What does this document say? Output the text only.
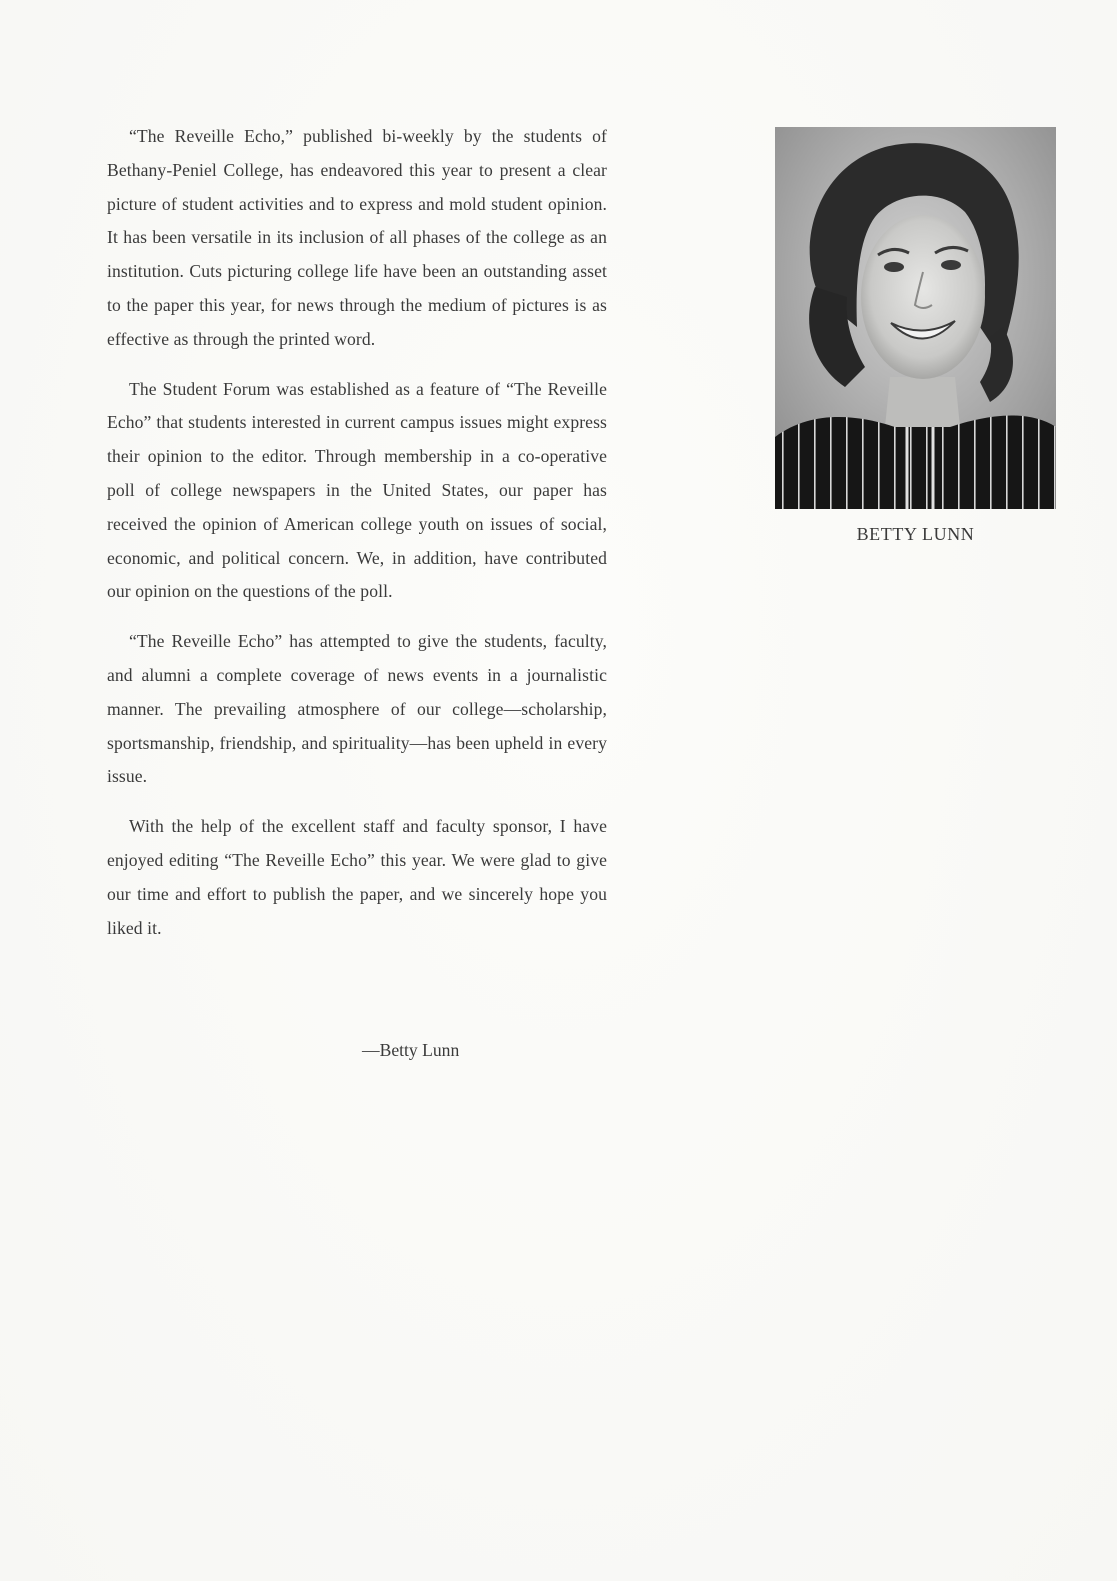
“The Reveille Echo,” published bi-weekly by the students of Bethany-Peniel College, has endeavored this year to present a clear picture of student activities and to express and mold student opinion. It has been versatile in its inclusion of all phases of the college as an institution. Cuts picturing college life have been an outstanding asset to the paper this year, for news through the medium of pictures is as effective as through the printed word.

The Student Forum was established as a feature of “The Reveille Echo” that students interested in current campus issues might express their opinion to the editor. Through membership in a co-operative poll of college newspapers in the United States, our paper has received the opinion of American college youth on issues of social, economic, and political concern. We, in addition, have contributed our opinion on the questions of the poll.

“The Reveille Echo” has attempted to give the students, faculty, and alumni a complete coverage of news events in a journalistic manner. The prevailing atmosphere of our college—scholarship, sportsmanship, friendship, and spirituality—has been upheld in every issue.

With the help of the excellent staff and faculty sponsor, I have enjoyed editing “The Reveille Echo” this year. We were glad to give our time and effort to publish the paper, and we sincerely hope you liked it.

—Betty Lunn
BETTY LUNN
